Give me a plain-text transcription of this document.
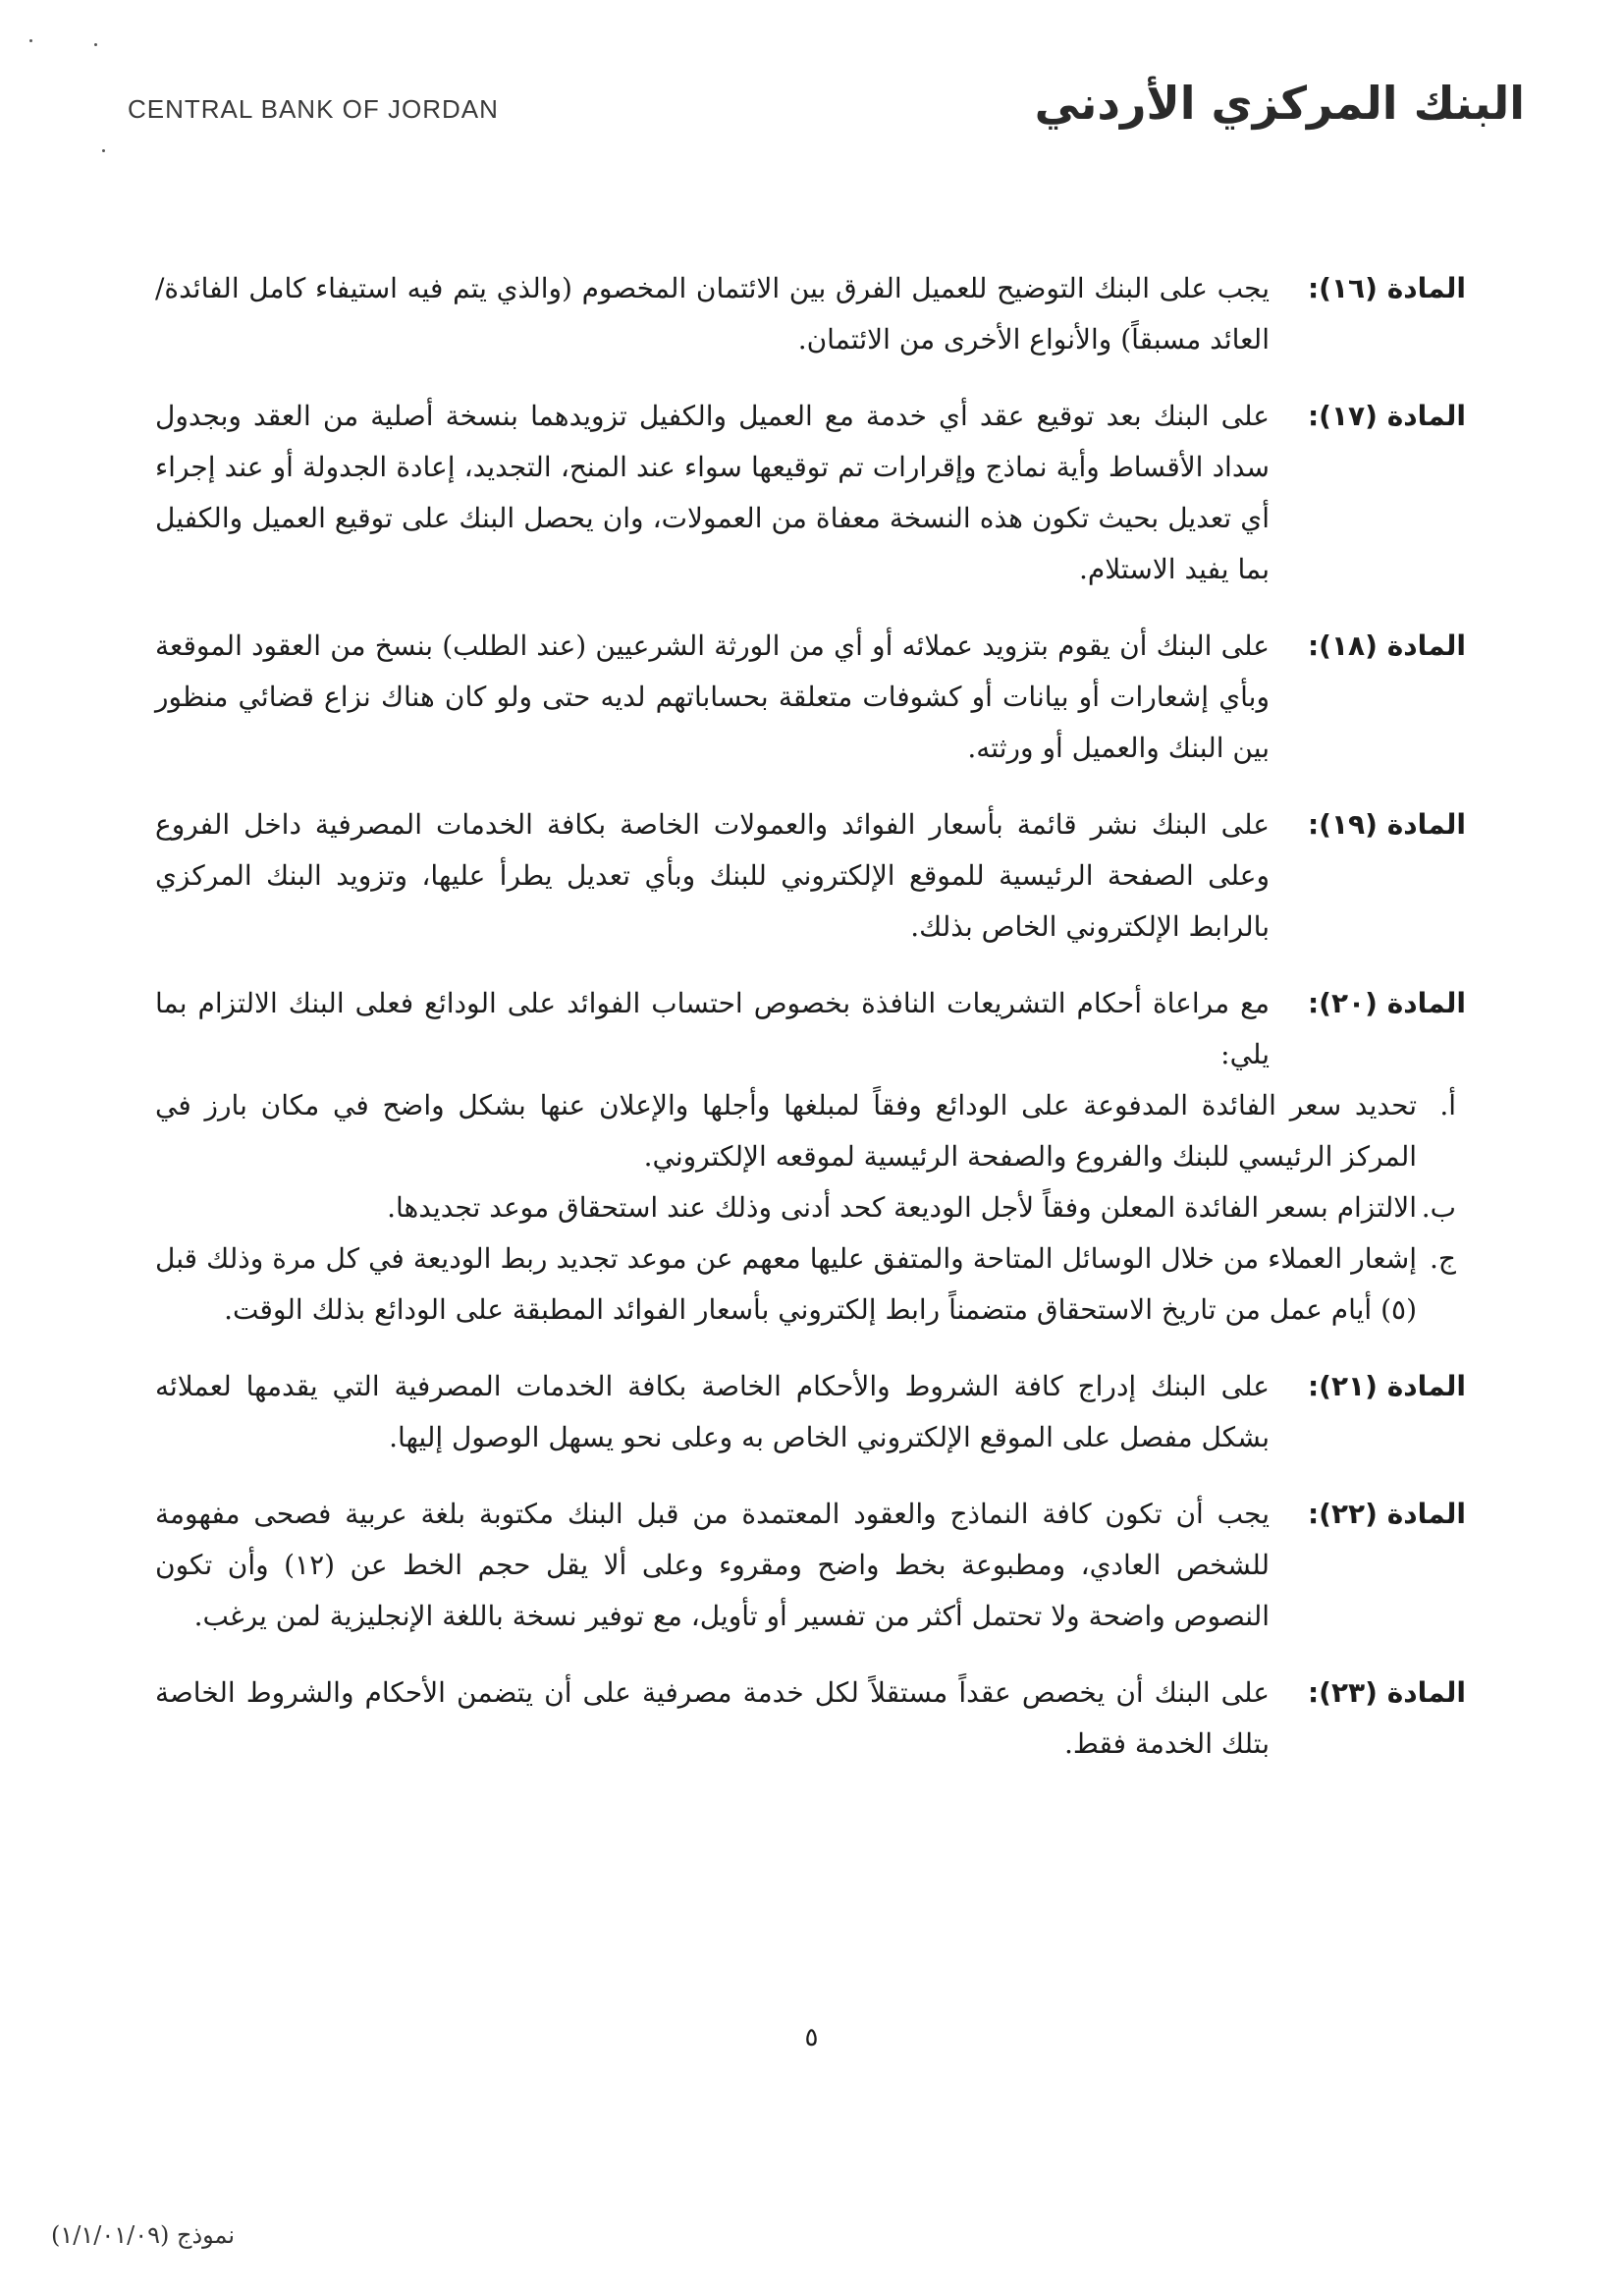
CENTRAL BANK OF JORDAN	البنك المركزي الأردني
المادة (١٦):

يجب على البنك التوضيح للعميل الفرق بين الائتمان المخصوم (والذي يتم فيه استيفاء كامل الفائدة/ العائد مسبقاً) والأنواع الأخرى من الائتمان.

المادة (١٧):

على البنك بعد توقيع عقد أي خدمة مع العميل والكفيل تزويدهما بنسخة أصلية من العقد وبجدول سداد الأقساط وأية نماذج وإقرارات تم توقيعها سواء عند المنح، التجديد، إعادة الجدولة أو عند إجراء أي تعديل بحيث تكون هذه النسخة معفاة من العمولات، وان يحصل البنك على توقيع العميل والكفيل بما يفيد الاستلام.

المادة (١٨):

على البنك أن يقوم بتزويد عملائه أو أي من الورثة الشرعيين (عند الطلب) بنسخ من العقود الموقعة وبأي إشعارات أو بيانات أو كشوفات متعلقة بحساباتهم لديه حتى ولو كان هناك نزاع قضائي منظور بين البنك والعميل أو ورثته.

المادة (١٩):

على البنك نشر قائمة بأسعار الفوائد والعمولات الخاصة بكافة الخدمات المصرفية داخل الفروع وعلى الصفحة الرئيسية للموقع الإلكتروني للبنك وبأي تعديل يطرأ عليها، وتزويد البنك المركزي بالرابط الإلكتروني الخاص بذلك.

المادة (٢٠):

مع مراعاة أحكام التشريعات النافذة بخصوص احتساب الفوائد على الودائع فعلى البنك الالتزام بما يلي:

أ.

تحديد سعر الفائدة المدفوعة على الودائع وفقاً لمبلغها وأجلها والإعلان عنها بشكل واضح في مكان بارز في المركز الرئيسي للبنك والفروع والصفحة الرئيسية لموقعه الإلكتروني.

ب.

الالتزام بسعر الفائدة المعلن وفقاً لأجل الوديعة كحد أدنى وذلك عند استحقاق موعد تجديدها.

ج.

إشعار العملاء من خلال الوسائل المتاحة والمتفق عليها معهم عن موعد تجديد ربط الوديعة في كل مرة وذلك قبل (٥) أيام عمل من تاريخ الاستحقاق متضمناً رابط إلكتروني بأسعار الفوائد المطبقة على الودائع بذلك الوقت.

المادة (٢١):

على البنك إدراج كافة الشروط والأحكام الخاصة بكافة الخدمات المصرفية التي يقدمها لعملائه بشكل مفصل على الموقع الإلكتروني الخاص به وعلى نحو يسهل الوصول إليها.

المادة (٢٢):

يجب أن تكون كافة النماذج والعقود المعتمدة من قبل البنك مكتوبة بلغة عربية فصحى مفهومة للشخص العادي، ومطبوعة بخط واضح ومقروء وعلى ألا يقل حجم الخط عن (١٢) وأن تكون النصوص واضحة ولا تحتمل أكثر من تفسير أو تأويل، مع توفير نسخة باللغة الإنجليزية لمن يرغب.

المادة (٢٣):

على البنك أن يخصص عقداً مستقلاً لكل خدمة مصرفية على أن يتضمن الأحكام والشروط الخاصة بتلك الخدمة فقط.

٥
نموذج (١/١/٠١/٠٩)
